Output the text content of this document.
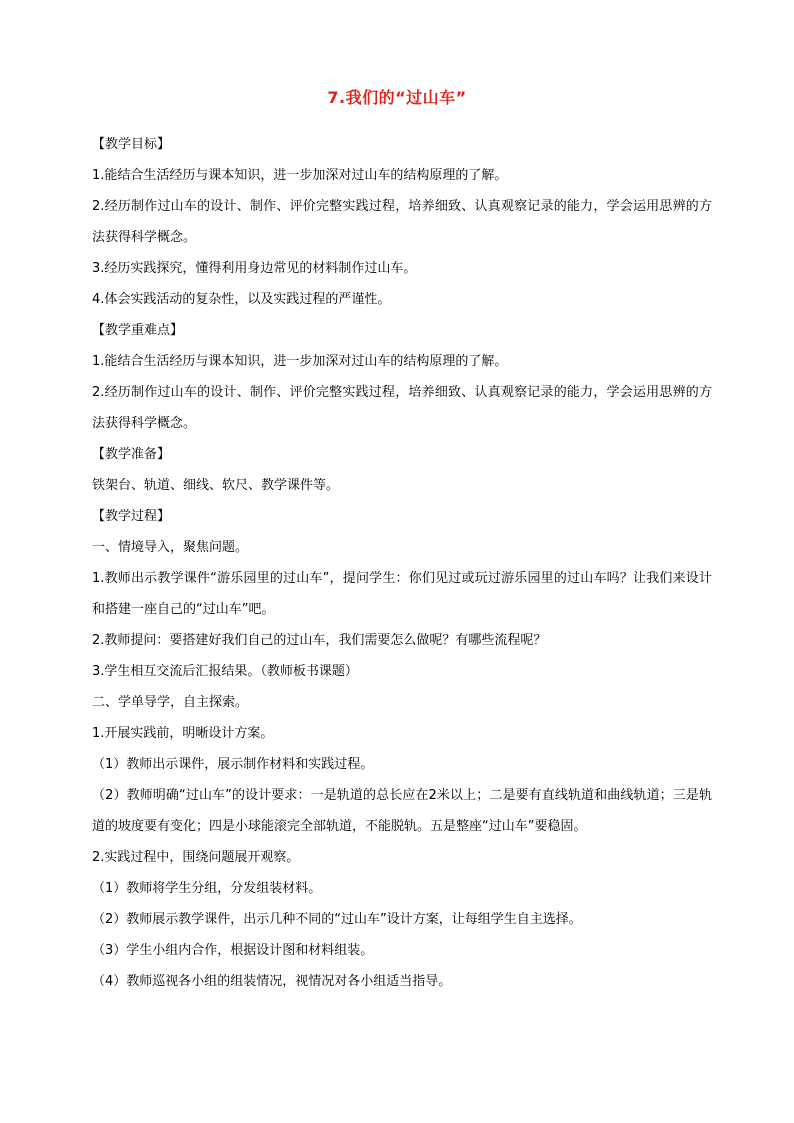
7.我们的“过山车”

【教学目标】

1.能结合生活经历与课本知识，进一步加深对过山车的结构原理的了解。

2.经历制作过山车的设计、制作、评价完整实践过程，培养细致、认真观察记录的能力，学会运用思辨的方法获得科学概念。

3.经历实践探究，懂得利用身边常见的材料制作过山车。

4.体会实践活动的复杂性，以及实践过程的严谨性。

【教学重难点】

1.能结合生活经历与课本知识，进一步加深对过山车的结构原理的了解。

2.经历制作过山车的设计、制作、评价完整实践过程，培养细致、认真观察记录的能力，学会运用思辨的方法获得科学概念。

【教学准备】

铁架台、轨道、细线、软尺、教学课件等。

【教学过程】

一、情境导入，聚焦问题。

1.教师出示教学课件“游乐园里的过山车”，提问学生：你们见过或玩过游乐园里的过山车吗？让我们来设计和搭建一座自己的“过山车”吧。

2.教师提问：要搭建好我们自己的过山车，我们需要怎么做呢？有哪些流程呢？

3.学生相互交流后汇报结果。（教师板书课题）

二、学单导学，自主探索。

1.开展实践前，明晰设计方案。

（1）教师出示课件，展示制作材料和实践过程。

（2）教师明确“过山车”的设计要求：一是轨道的总长应在2米以上；二是要有直线轨道和曲线轨道；三是轨道的坡度要有变化；四是小球能滚完全部轨道，不能脱轨。五是整座“过山车”要稳固。

2.实践过程中，围绕问题展开观察。

（1）教师将学生分组，分发组装材料。

（2）教师展示教学课件，出示几种不同的“过山车”设计方案，让每组学生自主选择。

（3）学生小组内合作，根据设计图和材料组装。

（4）教师巡视各小组的组装情况，视情况对各小组适当指导。
